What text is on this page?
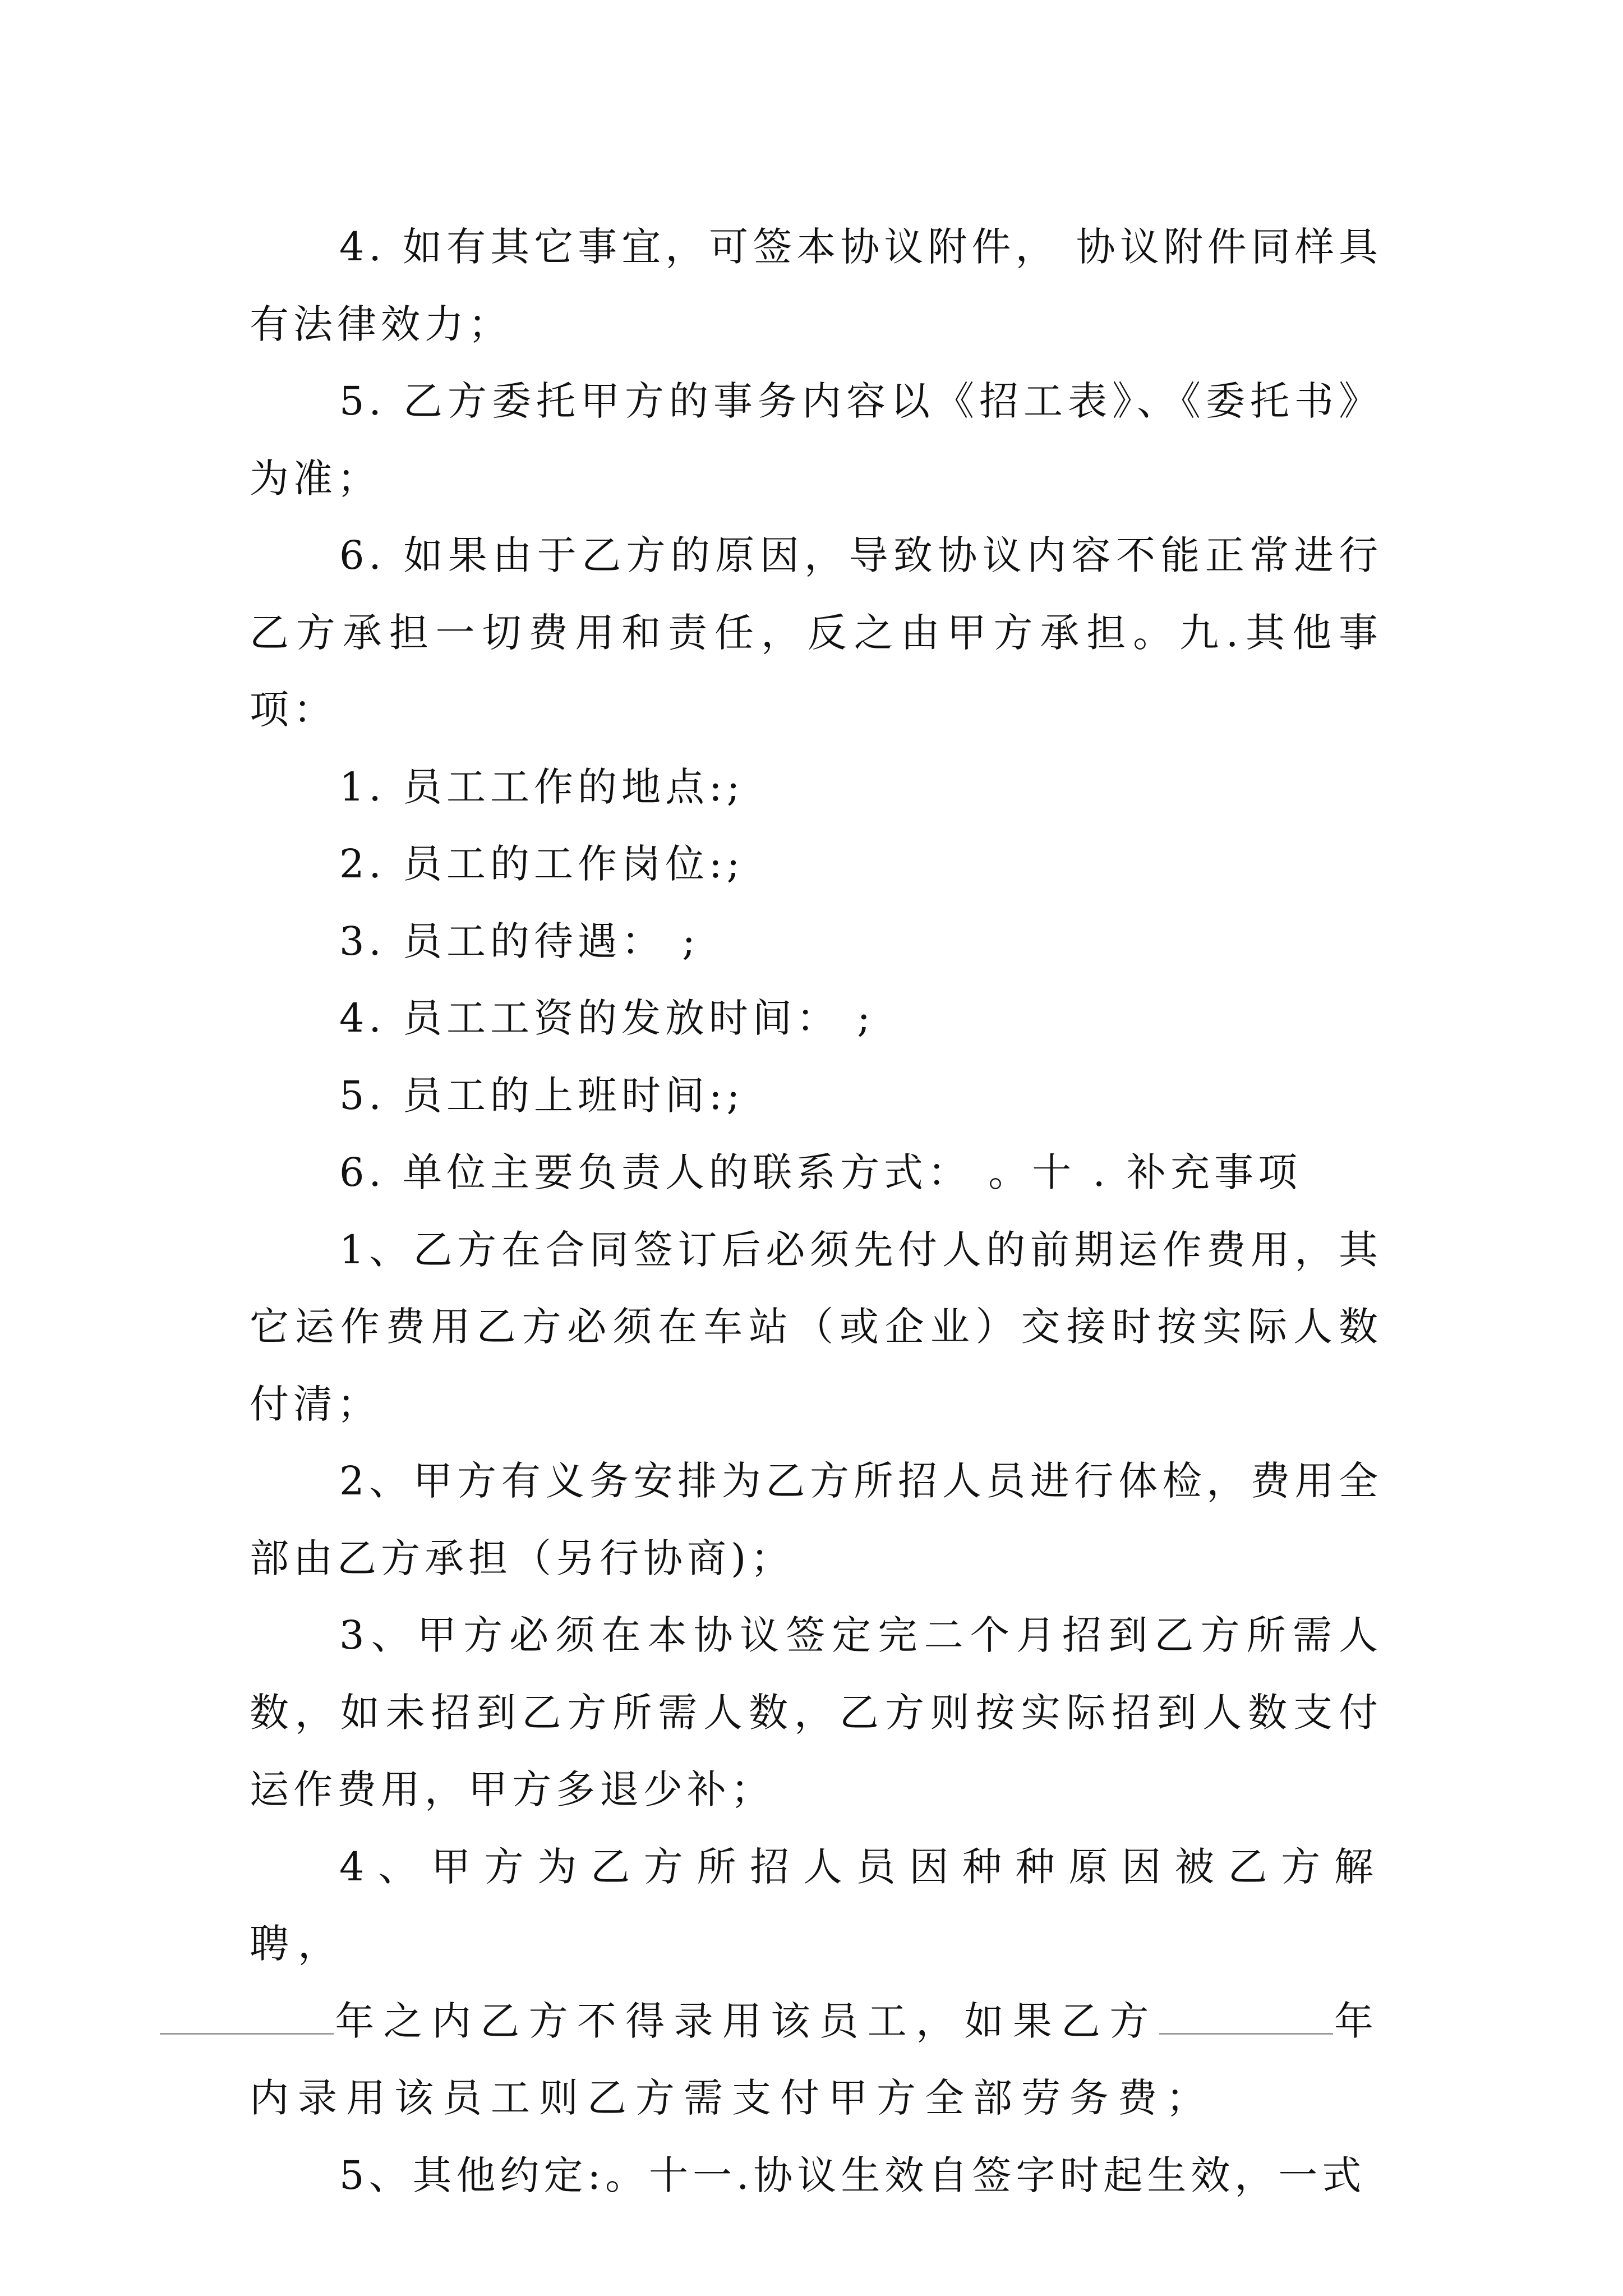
4. 如有其它事宜，可签本协议附件， 协议附件同样具有法律效力；

5. 乙方委托甲方的事务内容以《招工表》、《委托书》为准；

6. 如果由于乙方的原因，导致协议内容不能正常进行乙方承担一切费用和责任，反之由甲方承担。九.其他事项：

1. 员工工作的地点:;

2. 员工的工作岗位:;

3. 员工的待遇： ;

4. 员工工资的发放时间： ;

5. 员工的上班时间:;

6. 单位主要负责人的联系方式： 。十 . 补充事项

1、乙方在合同签订后必须先付人的前期运作费用，其它运作费用乙方必须在车站（或企业）交接时按实际人数付清；

2、甲方有义务安排为乙方所招人员进行体检，费用全部由乙方承担（另行协商)；

3、甲方必须在本协议签定完二个月招到乙方所需人数，如未招到乙方所需人数，乙方则按实际招到人数支付运作费用，甲方多退少补；

4、甲方为乙方所招人员因种种原因被乙方解聘，
年之内乙方不得录用该员工，如果乙方	年内录用该员工则乙方需支付甲方全部劳务费；

5、其他约定:。十一.协议生效自签字时起生效，一式
